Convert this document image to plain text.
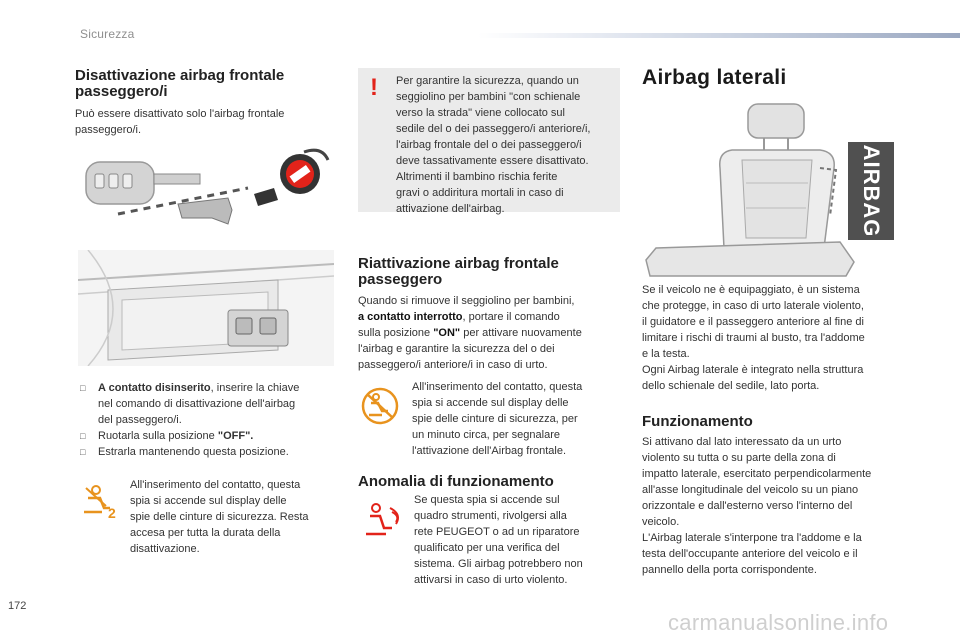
Sicurezza
Disattivazione airbag frontale
passeggero/i

Può essere disattivato solo l'airbag frontale

passeggero/i.

□	A contatto disinserito, inserire la chiave
nel comando di disattivazione dell'airbag
del passeggero/i.
□	Ruotarla sulla posizione "OFF".
□	Estrarla mantenendo questa posizione.
2

All'inserimento del contatto, questa

spia si accende sul display delle

spie delle cinture di sicurezza. Resta

accesa per tutta la durata della

disattivazione.

! Per garantire la sicurezza, quando un
seggiolino per bambini "con schienale
verso la strada" viene collocato sul
sedile del o dei passeggero/i anteriore/i,
l'airbag frontale del o dei passeggero/i
deve tassativamente essere disattivato.
Altrimenti il bambino rischia ferite
gravi o addiritura mortali in caso di
attivazione dell'airbag.
Riattivazione airbag frontale
passeggero

Quando si rimuove il seggiolino per bambini,

a contatto interrotto, portare il comando

sulla posizione "ON" per attivare nuovamente

l'airbag e garantire la sicurezza del o dei

passeggero/i anteriore/i in caso di urto.

All'inserimento del contatto, questa

spia si accende sul display delle

spie delle cinture di sicurezza, per

un minuto circa, per segnalare

l'attivazione dell'Airbag frontale.

Anomalia di funzionamento

Se questa spia si accende sul

quadro strumenti, rivolgersi alla

rete PEUGEOT o ad un riparatore

qualificato per una verifica del

sistema. Gli airbag potrebbero non

attivarsi in caso di urto violento.

Airbag laterali
AIRBAG

Se il veicolo ne è equipaggiato, è un sistema

che protegge, in caso di urto laterale violento,

il guidatore e il passeggero anteriore al fine di

limitare i rischi di traumi al busto, tra l'addome

e la testa.

Ogni Airbag laterale è integrato nella struttura

dello schienale del sedile, lato porta.

Funzionamento

Si attivano dal lato interessato da un urto

violento su tutta o su parte della zona di

impatto laterale, esercitato perpendicolarmente

all'asse longitudinale del veicolo su un piano

orizzontale e dall'esterno verso l'interno del

veicolo.

L'Airbag laterale s'interpone tra l'addome e la

testa dell'occupante anteriore del veicolo e il

pannello della porta corrispondente.

172
carmanualsonline.info
